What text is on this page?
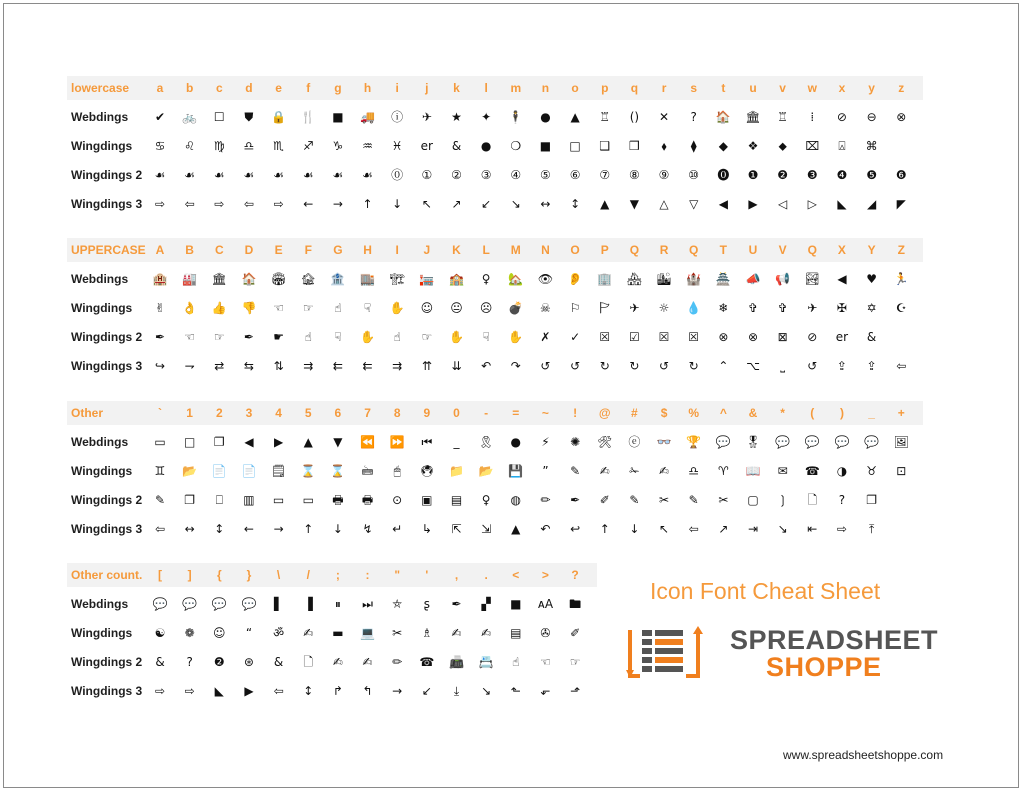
lowercase	a	b	c	d	e	f	g	h	i	j	k	l	m	n	o	p	q	r	s	t	u	v	w	x	y	z
Webdings	✔	🚲	☐	⛊	🔒 🍴	■	🚚	ⓘ	✈	★	✦	🕴	●	▲	♖	()	✕	?	🏠 🏛	♖	⁞	⊘	⊖	⊗
Wingdings	♋	♌	♍	♎	♏	♐	♑	♒	♓	er	&	●	❍	■	□	❑	❒	⬧	⧫	◆	❖	⬥	⌧	⍓	⌘
Wingdings 2	☙	☙	☙	☙	☙	☙	☙	☙	⓪	①	②	③	④	⑤	⑥	⑦	⑧	⑨	⑩	⓿	❶	❷	❸	❹	❺	❻
Wingdings 3	⇨	⇦	⇨	⇦	⇨	←	→	↑	↓	↖	↗	↙	↘	↔	↕	▲	▼	△	▽	◀	▶	◁	▷	◣	◢	◤
UPPERCASE A	B	C	D	E	F	G	H	I	J	K	L	M	N	O	P	Q	R	Q	T	U	V	Q	X	Y	Z
Webdings 🏨 🏭 🏛 🏠 🏟 🏚 🏦 🏬 🏗 🏣 🏫	♀	🏡 👁 👂 🏢 🏘 🏙 🏰 🏯 📣 📢 🏞	◀	♥	🏃
Wingdings	✌	👌 👍 👎	☜	☞	☝	☟	✋	☺	😐	☹	💣	☠	⚐	🏱	✈	☼	💧	❄	✞	✞	✈	✠	✡	☪
Wingdings 2	✒	☜	☞	✒	☛	☝	☟	✋	☝	☞	✋	☟	✋	✗	✓	☒	☑	☒	☒	⊗	⊗	⊠	⊘	er	&
Wingdings 3	↪	⇁	⇄	⇆	⇅	⇉	⇇	⇇	⇉	⇈	⇊	↶	↷	↺	↺	↻	↻	↺	↻	⌃	⌥	⎵	↺	⇪	⇪	⇦
Other	`	1	2	3	4	5	6	7	8	9	0	-	=	~	!	@	#	$	%	^	&	*	(	)	_	+
Webdings	▭	□	❐	◀	▶	▲	▼	⏪ ⏩	⏮	_	🎗	●	⚡	✺	🛠	ⓔ	👓 🏆 💬 🎖 💬 💬 💬 💬 🖼
Wingdings	♊	📂 📄 📄 🗒 ⌛ ⌛	🖮	🖱	🖲 📁 📂 💾	”	✎	✍	✁	✍	♎	♈	📖	✉	☎	◑	♉	⊡
Wingdings 2	✎	❐	⎕	▥	▭	▭	🖶	🖶	⊙	▣	▤	♀	◍	✏	✒	✐	✎	✂	✎	✂	▢	❳	🗋	?	❐
Wingdings 3	⇦	↔	↕	←	→	↑	↓	↯	↵	↳	⇱	⇲	▲	↶	↩	↑	↓	↖	⇦	↗	⇥	↘	⇤	⇨	⤒
Other count.	[	]	{	}	\	/	;	:	"	'	,	.	<	>	?
Webdings 💬 💬 💬 💬	▌	▐	⏸	⏭	⛤	ʂ	✒	▞	■	ᴀA	🖿
Wingdings	☯	❁	☺	“	ॐ	✍	▬	💻	✂	♗	✍	✍	▤	✇	✐
Wingdings 2	&	?	❷	⊛	&	🗋	✍	✍	✏	☎ 📠 📇	☝	☜	☞
Wingdings 3	⇨	⇨	◣	▶	⇦	↕	↱	↰	→	↙	⤓	↘	⬑	⬐	⬏
Icon Font Cheat Sheet
SPREADSHEET
SHOPPE
www.spreadsheetshoppe.com
